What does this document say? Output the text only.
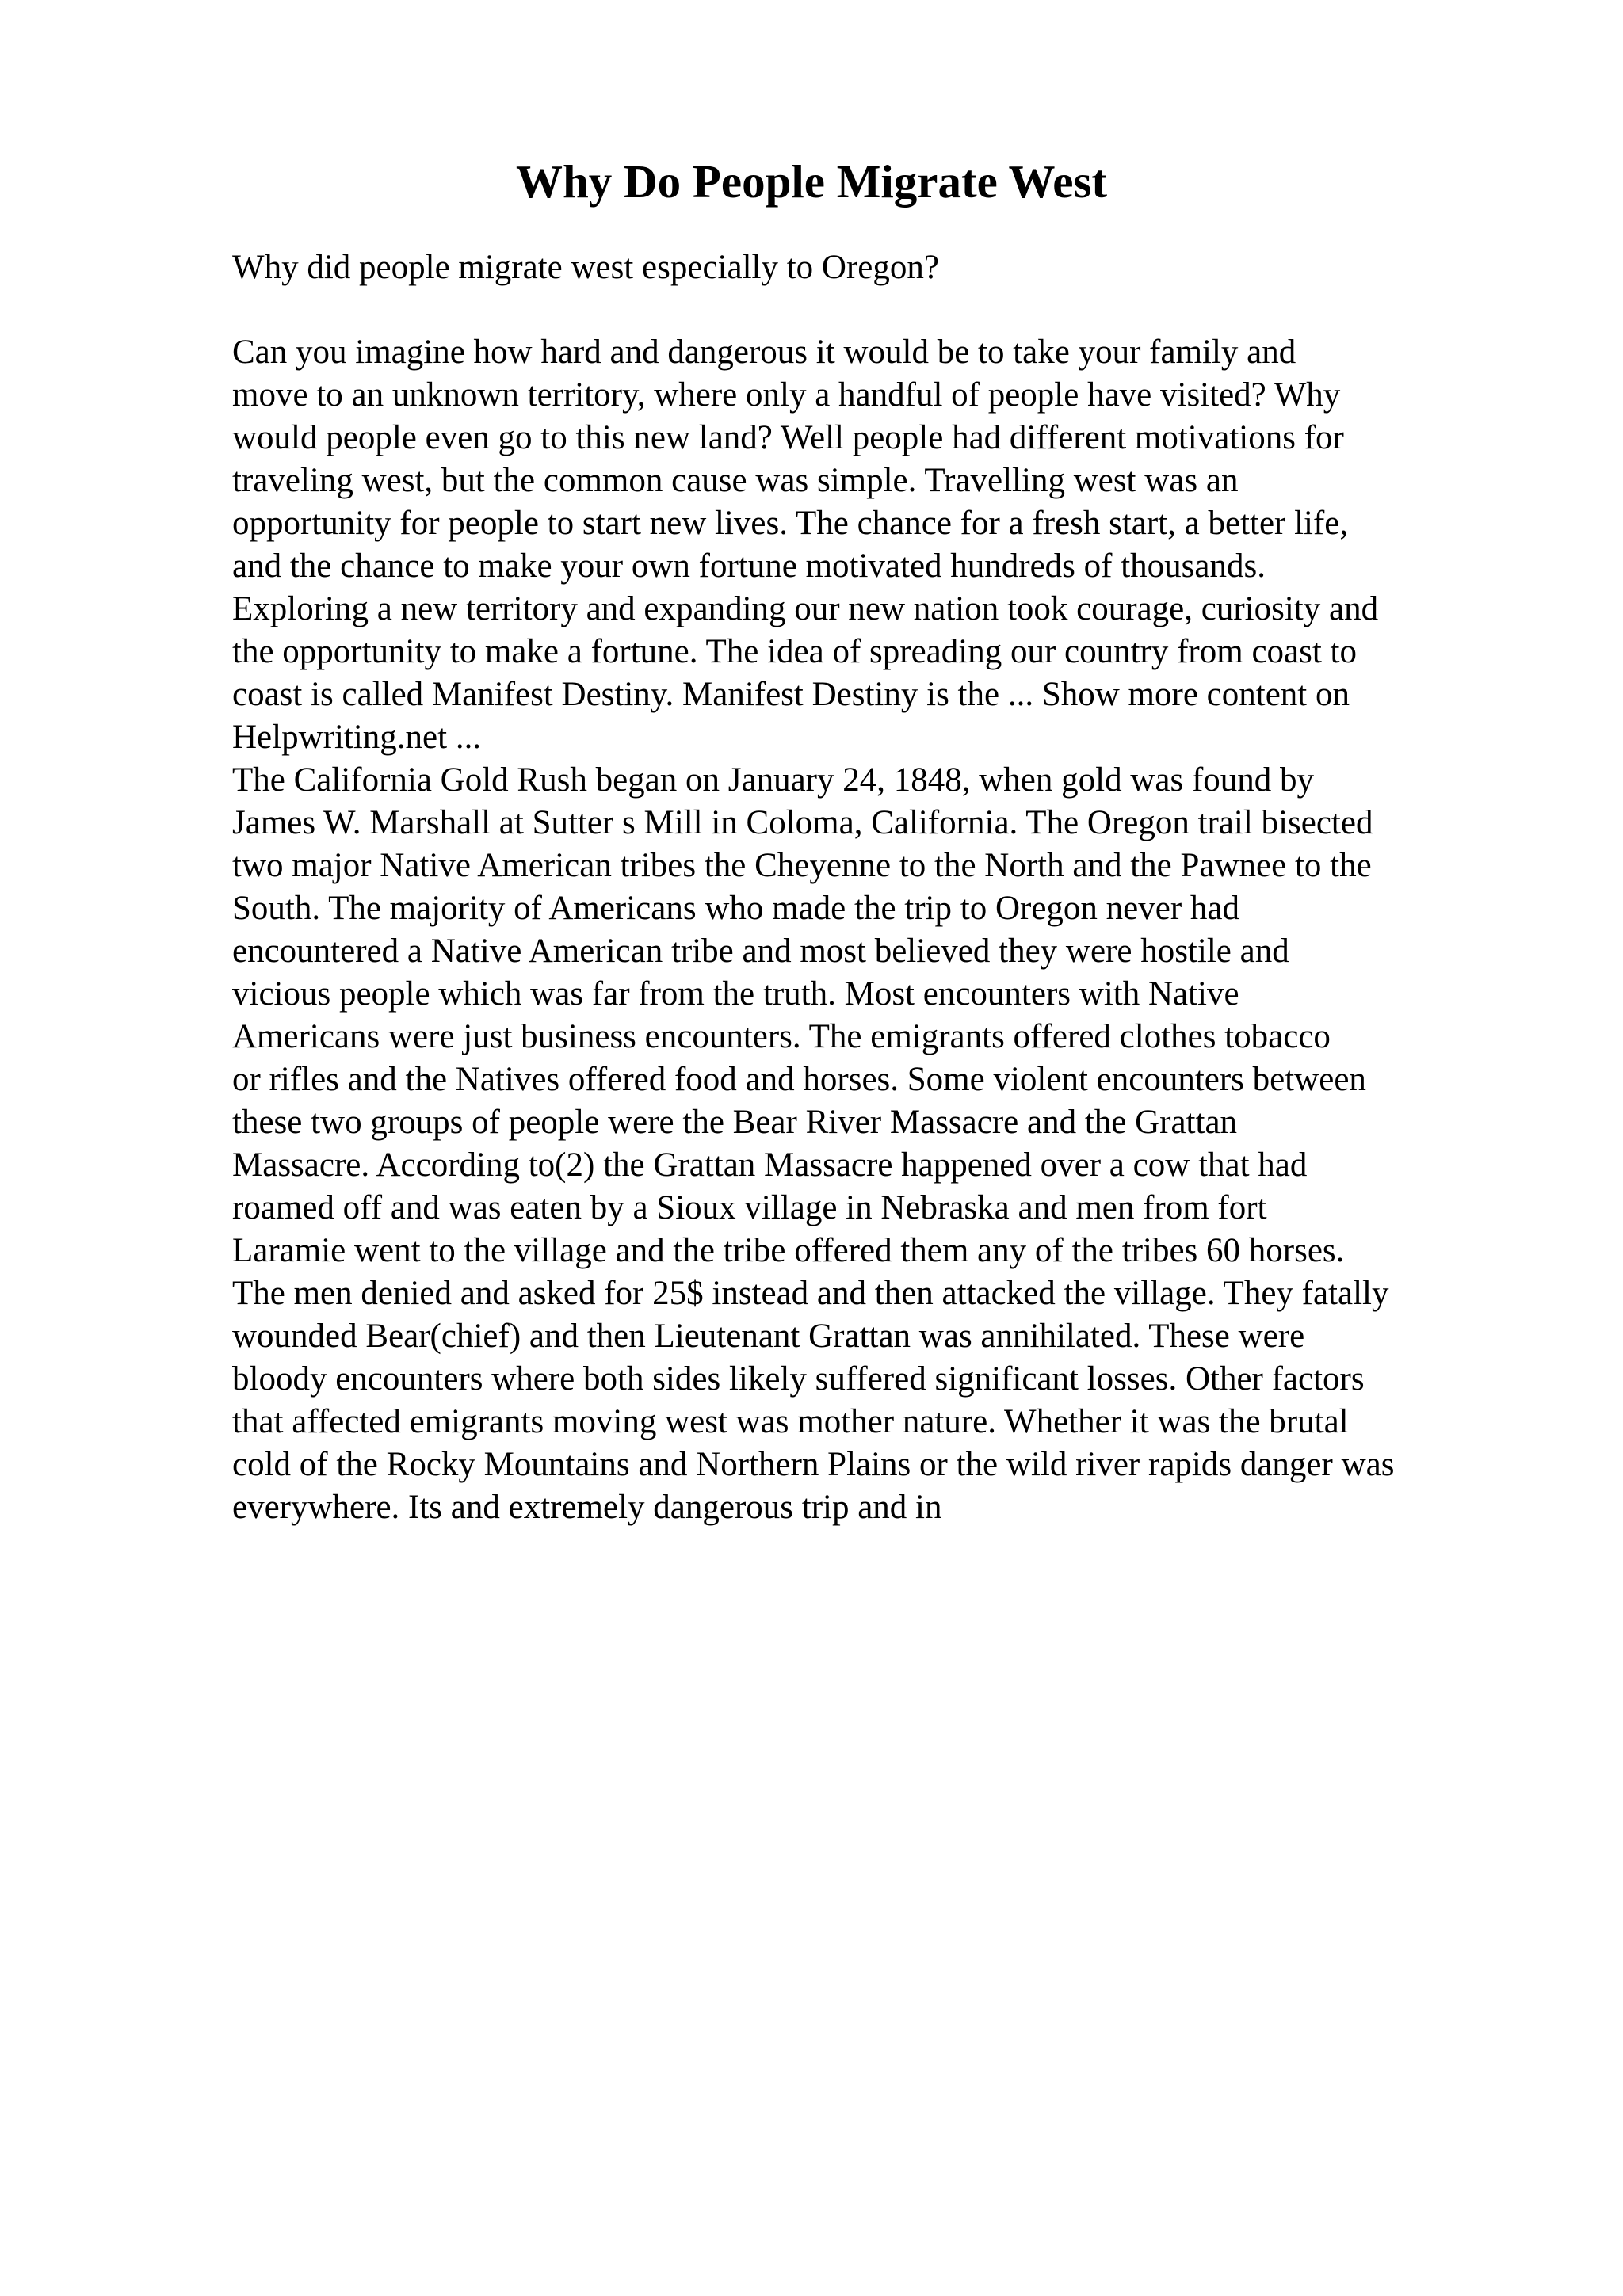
Why Do People Migrate West
Why did people migrate west especially to Oregon?
Can you imagine how hard and dangerous it would be to take your family and
move to an unknown territory, where only a handful of people have visited? Why
would people even go to this new land? Well people had different motivations for
traveling west, but the common cause was simple. Travelling west was an
opportunity for people to start new lives. The chance for a fresh start, a better life,
and the chance to make your own fortune motivated hundreds of thousands.
Exploring a new territory and expanding our new nation took courage, curiosity and
the opportunity to make a fortune. The idea of spreading our country from coast to
coast is called Manifest Destiny. Manifest Destiny is the ... Show more content on
Helpwriting.net ...
The California Gold Rush began on January 24, 1848, when gold was found by
James W. Marshall at Sutter s Mill in Coloma, California. The Oregon trail bisected
two major Native American tribes the Cheyenne to the North and the Pawnee to the
South. The majority of Americans who made the trip to Oregon never had
encountered a Native American tribe and most believed they were hostile and
vicious people which was far from the truth. Most encounters with Native
Americans were just business encounters. The emigrants offered clothes tobacco
or rifles and the Natives offered food and horses. Some violent encounters between
these two groups of people were the Bear River Massacre and the Grattan
Massacre. According to(2) the Grattan Massacre happened over a cow that had
roamed off and was eaten by a Sioux village in Nebraska and men from fort
Laramie went to the village and the tribe offered them any of the tribes 60 horses.
The men denied and asked for 25$ instead and then attacked the village. They fatally
wounded Bear(chief) and then Lieutenant Grattan was annihilated. These were
bloody encounters where both sides likely suffered significant losses. Other factors
that affected emigrants moving west was mother nature. Whether it was the brutal
cold of the Rocky Mountains and Northern Plains or the wild river rapids danger was
everywhere. Its and extremely dangerous trip and in
